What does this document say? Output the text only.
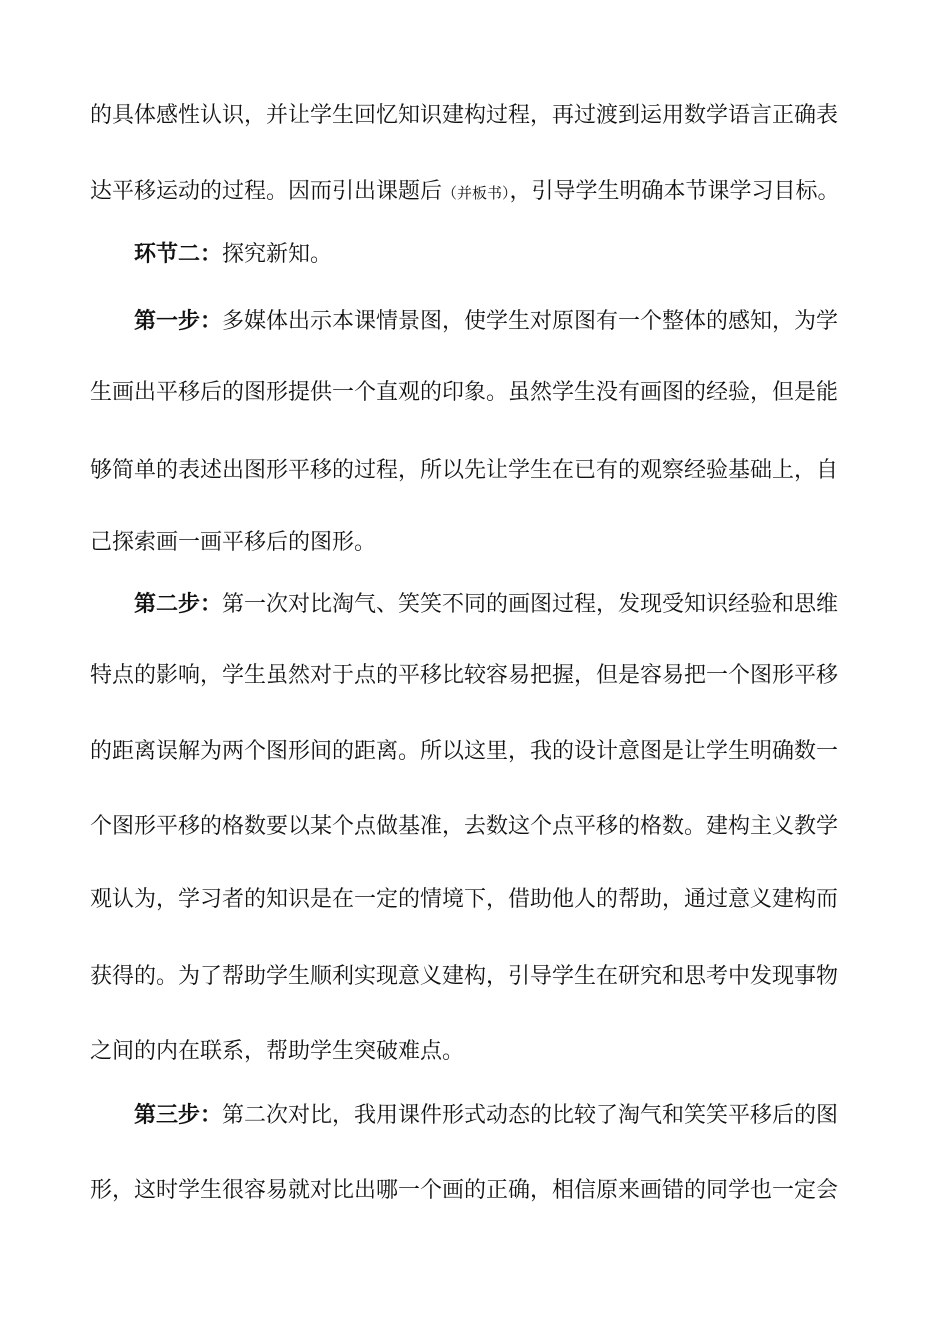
的具体感性认识，并让学生回忆知识建构过程，再过渡到运用数学语言正确表
达平移运动的过程。因而引出课题后（并板书），引导学生明确本节课学习目标。
环节二：探究新知。
第一步：多媒体出示本课情景图，使学生对原图有一个整体的感知，为学
生画出平移后的图形提供一个直观的印象。虽然学生没有画图的经验，但是能
够简单的表述出图形平移的过程，所以先让学生在已有的观察经验基础上，自
己探索画一画平移后的图形。
第二步：第一次对比淘气、笑笑不同的画图过程，发现受知识经验和思维
特点的影响，学生虽然对于点的平移比较容易把握，但是容易把一个图形平移
的距离误解为两个图形间的距离。所以这里，我的设计意图是让学生明确数一
个图形平移的格数要以某个点做基准，去数这个点平移的格数。建构主义教学
观认为，学习者的知识是在一定的情境下，借助他人的帮助，通过意义建构而
获得的。为了帮助学生顺利实现意义建构，引导学生在研究和思考中发现事物
之间的内在联系，帮助学生突破难点。
第三步：第二次对比，我用课件形式动态的比较了淘气和笑笑平移后的图
形，这时学生很容易就对比出哪一个画的正确，相信原来画错的同学也一定会
